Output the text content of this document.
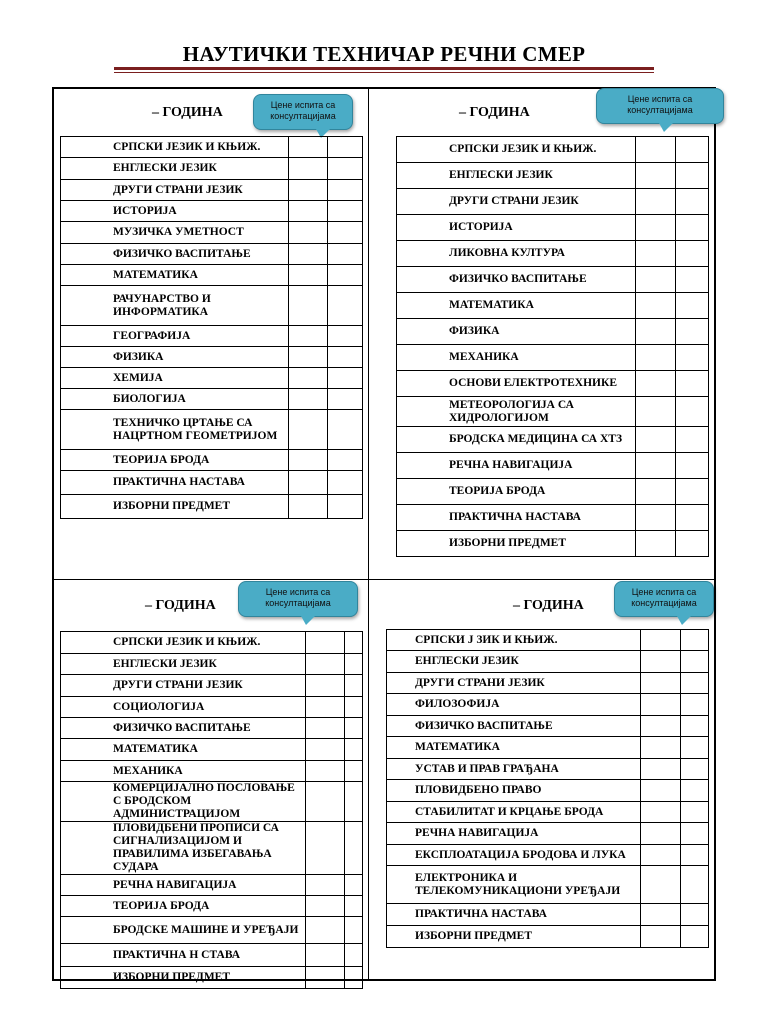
НАУТИЧКИ ТЕХНИЧАР РЕЧНИ СМЕР
– ГОДИНА	Цене испита са консултацијама
СРПСКИ ЈЕЗИК И КЊИЖ.		
ЕНГЛЕСКИ ЈЕЗИК		
ДРУГИ СТРАНИ ЈЕЗИК		
ИСТОРИЈА		
МУЗИЧКА УМЕТНОСТ		
ФИЗИЧКО ВАСПИТАЊЕ		
МАТЕМАТИКА		
РАЧУНАРСТВО И ИНФОРМАТИКА		
ГЕОГРАФИЈА		
ФИЗИКА		
ХЕМИЈА		
БИОЛОГИЈА		
ТЕХНИЧКО ЦРТАЊЕ СА НАЦРТНОМ ГЕОМЕТРИЈОМ		
ТЕОРИЈА БРОДА		
ПРАКТИЧНА НАСТАВА		
ИЗБОРНИ ПРЕДМЕТ		
– ГОДИНА
Цене испита са консултацијама
СРПСКИ ЈЕЗИК И КЊИЖ.		
ЕНГЛЕСКИ ЈЕЗИК		
ДРУГИ СТРАНИ ЈЕЗИК		
ИСТОРИЈА		
ЛИКОВНА КУЛТУРА		
ФИЗИЧКО ВАСПИТАЊЕ		
МАТЕМАТИКА		
ФИЗИКА		
МЕХАНИКА		
ОСНОВИ ЕЛЕКТРОТЕХНИКЕ		
МЕТЕОРОЛОГИЈА СА ХИДРОЛОГИЈОМ		
БРОДСКА МЕДИЦИНА СА ХТЗ		
РЕЧНА НАВИГАЦИЈА		
ТЕОРИЈА БРОДА		
ПРАКТИЧНА НАСТАВА		
ИЗБОРНИ ПРЕДМЕТ		
– ГОДИНА
Цене испита са консултацијама
СРПСКИ ЈЕЗИК И КЊИЖ.		
ЕНГЛЕСКИ ЈЕЗИК		
ДРУГИ СТРАНИ ЈЕЗИК		
СОЦИОЛОГИЈА		
ФИЗИЧКО ВАСПИТАЊЕ		
МАТЕМАТИКА		
МЕХАНИКА		
КОМЕРЦИЈАЛНО ПОСЛОВАЊЕ С БРОДСКОМ АДМИНИСТРАЦИЈОМ		
ПЛОВИДБЕНИ ПРОПИСИ СА СИГНАЛИЗАЦИЈОМ И ПРАВИЛИМА ИЗБЕГАВАЊА СУДАРА		
РЕЧНА НАВИГАЦИЈА		
ТЕОРИЈА БРОДА		
БРОДСКЕ МАШИНЕ И УРЕЂАЈИ		
ПРАКТИЧНА Н СТАВА		
ИЗБОРНИ ПРЕДМЕТ		
– ГОДИНА
Цене испита са консултацијама
СРПСКИ Ј ЗИК И КЊИЖ.		
ЕНГЛЕСКИ ЈЕЗИК		
ДРУГИ СТРАНИ ЈЕЗИК		
ФИЛОЗОФИЈА		
ФИЗИЧКО ВАСПИТАЊЕ		
МАТЕМАТИКА		
УСТАВ И ПРАВ ГРАЂАНА		
ПЛОВИДБЕНО ПРАВО		
СТАБИЛИТАТ И КРЦАЊЕ БРОДА		
РЕЧНА НАВИГАЦИЈА		
ЕКСПЛОАТАЦИЈА БРОДОВА И ЛУКА		
ЕЛЕКТРОНИКА И ТЕЛЕКОМУНИКАЦИОНИ УРЕЂАЈИ		
ПРАКТИЧНА НАСТАВА		
ИЗБОРНИ ПРЕДМЕТ		
